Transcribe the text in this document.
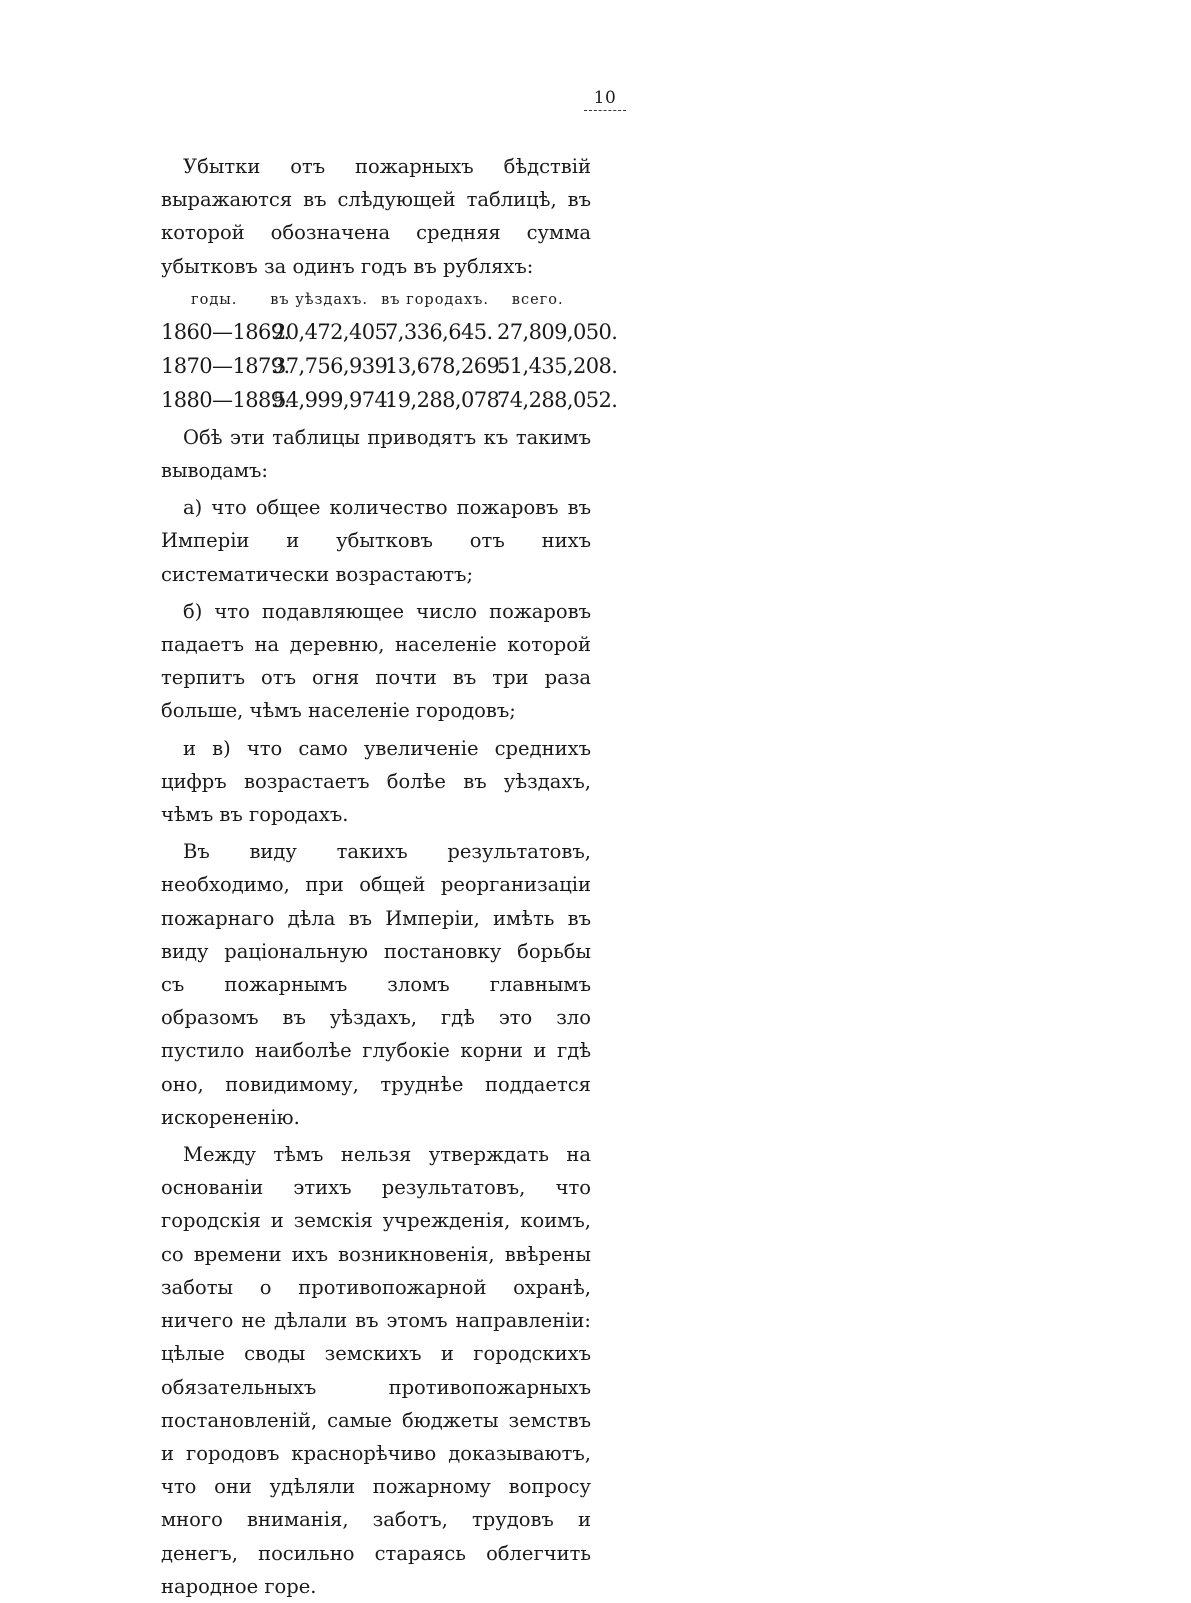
10

Убытки отъ пожарныхъ бѣдствій выражаются въ слѣдующей таблицѣ, въ которой обозначена средняя сумма убытковъ за одинъ годъ въ рубляхъ:

годы.	въ уѣздахъ. въ городахъ.	всего.
1860—1869.
20,472,405.
7,336,645. 27,809,050.
1870—1879.
37,756,939.
13,678,269.
51,435,208.
1880—1889.
54,999,974.
19,288,078.
74,288,052.

Обѣ эти таблицы приводятъ къ такимъ выводамъ:

а) что общее количество пожаровъ въ Имперіи и убытковъ отъ нихъ систематически возрастаютъ;

б) что подавляющее число пожаровъ падаетъ на деревню, населеніе которой терпитъ отъ огня почти въ три раза больше, чѣмъ населеніе городовъ;

и в) что само увеличеніе среднихъ цифръ возрастаетъ болѣе въ уѣздахъ, чѣмъ въ городахъ.

Въ виду такихъ результатовъ, необходимо, при общей реорганизаціи пожарнаго дѣла въ Имперіи, имѣть въ виду раціональную постановку борьбы съ пожарнымъ зломъ главнымъ образомъ въ уѣздахъ, гдѣ это зло пустило наиболѣе глубокіе корни и гдѣ оно, повидимому, труднѣе поддается искорененію.

Между тѣмъ нельзя утверждать на основаніи этихъ результатовъ, что городскія и земскія учрежденія, коимъ, со времени ихъ возникновенія, ввѣрены заботы о противопожарной охранѣ, ничего не дѣлали въ этомъ направленіи: цѣлые своды земскихъ и городскихъ обязательныхъ противопожарныхъ постановленій, самые бюджеты земствъ и городовъ краснорѣчиво доказываютъ, что они удѣляли пожарному вопросу много вниманія, заботъ, трудовъ и денегъ, посильно стараясь облегчить народное горе.
